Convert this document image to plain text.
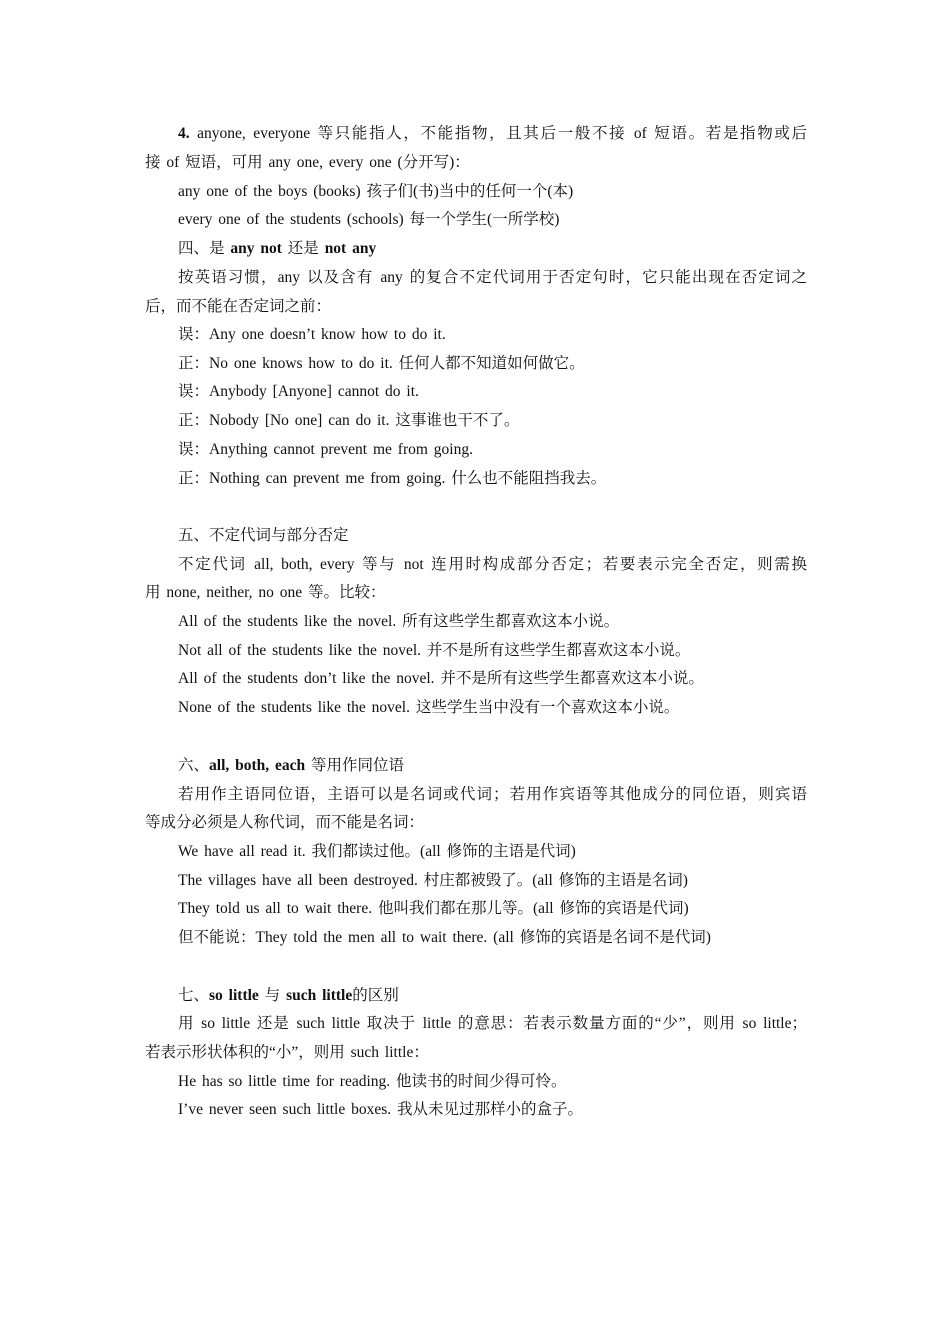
4. anyone, everyone 等只能指人，不能指物，且其后一般不接 of 短语。若是指物或后
接 of 短语，可用 any one, every one (分开写)：
any one of the boys (books) 孩子们(书)当中的任何一个(本)
every one of the students (schools) 每一个学生(一所学校)
四、是 any not 还是 not any
按英语习惯，any 以及含有 any 的复合不定代词用于否定句时，它只能出现在否定词之
后，而不能在否定词之前：
误：Any one doesn’t know how to do it.
正：No one knows how to do it. 任何人都不知道如何做它。
误：Anybody [Anyone] cannot do it.
正：Nobody [No one] can do it. 这事谁也干不了。
误：Anything cannot prevent me from going.
正：Nothing can prevent me from going. 什么也不能阻挡我去。
五、不定代词与部分否定
不定代词 all, both, every 等与 not 连用时构成部分否定；若要表示完全否定，则需换
用 none, neither, no one 等。比较：
All of the students like the novel. 所有这些学生都喜欢这本小说。
Not all of the students like the novel. 并不是所有这些学生都喜欢这本小说。
All of the students don’t like the novel. 并不是所有这些学生都喜欢这本小说。
None of the students like the novel. 这些学生当中没有一个喜欢这本小说。
六、all, both, each 等用作同位语
若用作主语同位语，主语可以是名词或代词；若用作宾语等其他成分的同位语，则宾语
等成分必须是人称代词，而不能是名词：
We have all read it. 我们都读过他。(all 修饰的主语是代词)
The villages have all been destroyed. 村庄都被毁了。(all 修饰的主语是名词)
They told us all to wait there. 他叫我们都在那儿等。(all 修饰的宾语是代词)
但不能说：They told the men all to wait there. (all 修饰的宾语是名词不是代词)
七、so little 与 such little的区别
用 so little 还是 such little 取决于 little 的意思：若表示数量方面的“少”，则用 so little；
若表示形状体积的“小”，则用 such little：
He has so little time for reading. 他读书的时间少得可怜。
I’ve never seen such little boxes. 我从未见过那样小的盒子。
